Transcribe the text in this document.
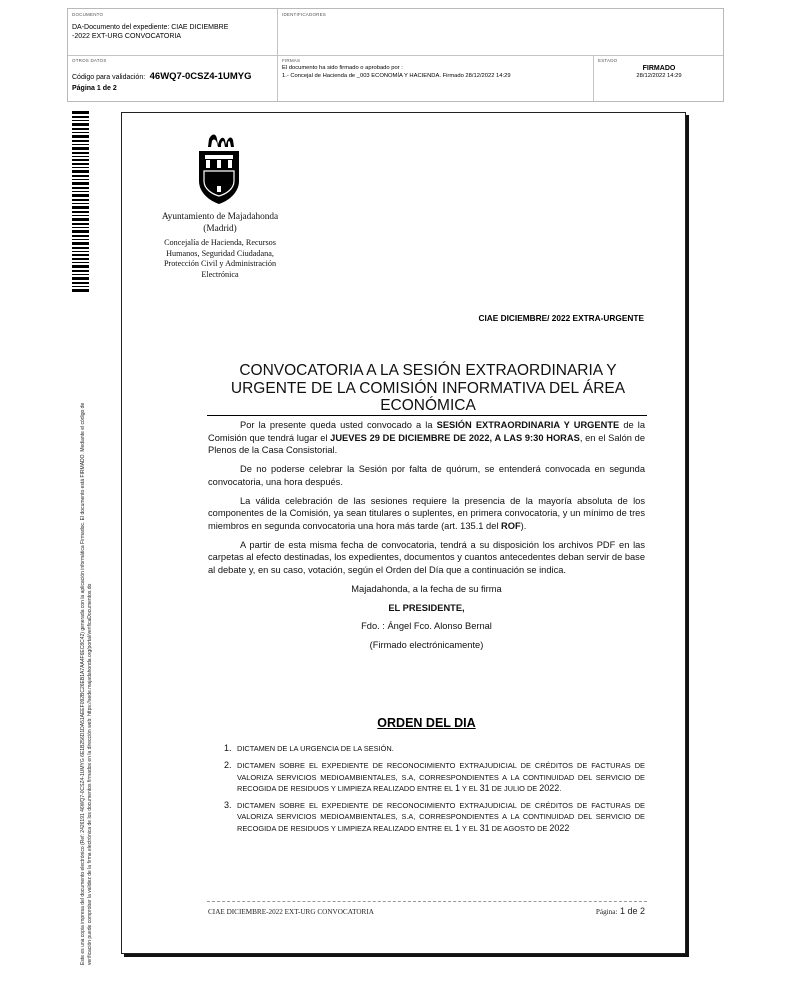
DOCUMENTO
DA-Documento del expediente: CIAE DICIEMBRE -2022 EXT-URG CONVOCATORIA
IDENTIFICADORES
OTROS DATOS
Código para validación: 46WQ7-0CSZ4-1UMYG
Página 1 de 2
FIRMAS
El documento ha sido firmado o aprobado por :
1.- Concejal de Hacienda de _003 ECONOMÍA Y HACIENDA. Firmado 28/12/2022 14:29
ESTADO
FIRMADO
28/12/2022 14:29
Este es una copia impresa del documento electrónico (Ref: 2426191 46WQ7-0CSZ4-1UMYG 6E1B256D1DA51AEEF092BC26EB1A7AA4F6EC8C42) generada con la aplicación informática Firmadoc. El documento está FIRMADO. Mediante el código de verificación puede comprobar la validez de la firma electrónica de los documentos firmados en la dirección web: https://sede.majadahonda.org/portal/verificaDocumentos.do
Ayuntamiento de Majadahonda
(Madrid)
Concejalía de Hacienda, Recursos
Humanos, Seguridad Ciudadana,
Protección Civil y Administración
Electrónica
CIAE DICIEMBRE/ 2022 EXTRA-URGENTE
CONVOCATORIA A LA SESIÓN EXTRAORDINARIA Y URGENTE DE LA COMISIÓN INFORMATIVA DEL ÁREA ECONÓMICA

Por la presente queda usted convocado a la SESIÓN EXTRAORDINARIA Y URGENTE de la Comisión que tendrá lugar el JUEVES 29 DE DICIEMBRE DE 2022, A LAS 9:30 HORAS, en el Salón de Plenos de la Casa Consistorial.

De no poderse celebrar la Sesión por falta de quórum, se entenderá convocada en segunda convocatoria, una hora después.

La válida celebración de las sesiones requiere la presencia de la mayoría absoluta de los componentes de la Comisión, ya sean titulares o suplentes, en primera convocatoria, y un mínimo de tres miembros en segunda convocatoria una hora más tarde (art. 135.1 del ROF).

A partir de esta misma fecha de convocatoria, tendrá a su disposición los archivos PDF en las carpetas al efecto destinadas, los expedientes, documentos y cuantos antecedentes deban servir de base al debate y, en su caso, votación, según el Orden del Día que a continuación se indica.

Majadahonda, a la fecha de su firma

EL PRESIDENTE,
Fdo. : Ángel Fco. Alonso Bernal
(Firmado electrónicamente)
ORDEN DEL DIA
1. DICTAMEN DE LA URGENCIA DE LA SESIÓN.
2. DICTAMEN SOBRE EL EXPEDIENTE DE RECONOCIMIENTO EXTRAJUDICIAL DE CRÉDITOS DE FACTURAS DE VALORIZA SERVICIOS MEDIOAMBIENTALES, S.A, CORRESPONDIENTES A LA CONTINUIDAD DEL SERVICIO DE RECOGIDA DE RESIDUOS Y LIMPIEZA REALIZADO ENTRE EL 1 Y EL 31 DE JULIO DE 2022.
3. DICTAMEN SOBRE EL EXPEDIENTE DE RECONOCIMIENTO EXTRAJUDICIAL DE CRÉDITOS DE FACTURAS DE VALORIZA SERVICIOS MEDIOAMBIENTALES, S.A, CORRESPONDIENTES A LA CONTINUIDAD DEL SERVICIO DE RECOGIDA DE RESIDUOS Y LIMPIEZA REALIZADO ENTRE EL 1 Y EL 31 DE AGOSTO DE 2022
CIAE DICIEMBRE-2022 EXT-URG CONVOCATORIA	Página: 1 de 2
